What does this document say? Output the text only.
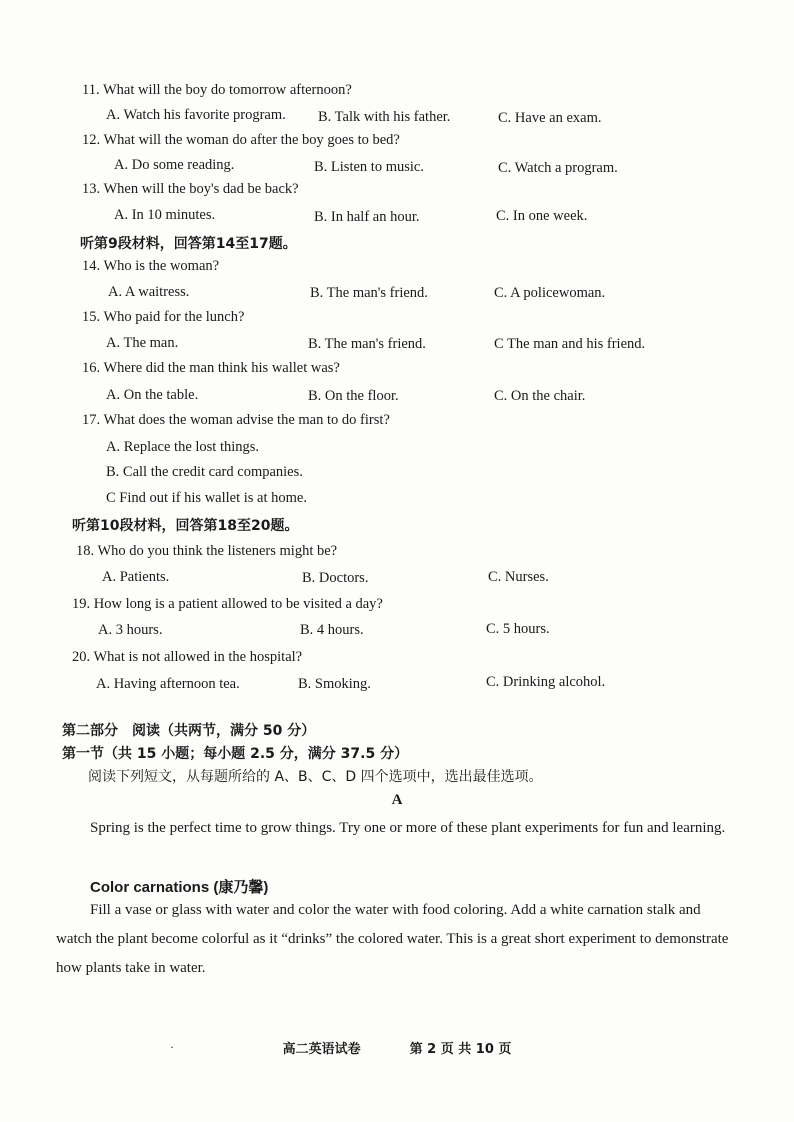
11. What will the boy do tomorrow afternoon?
A. Watch his favorite program. B. Talk with his father.	C. Have an exam.
12. What will the woman do after the boy goes to bed?
A. Do some reading.	B. Listen to music.	C. Watch a program.
13. When will the boy's dad be back?
A. In 10 minutes.	B. In half an hour.	C. In one week.
听第9段材料，回答第14至17题。
14. Who is the woman?
A. A waitress.	B. The man's friend.	C. A policewoman.
15. Who paid for the lunch?
A. The man.	B. The man's friend.	C The man and his friend.
16. Where did the man think his wallet was?
A. On the table.	B. On the floor.	C. On the chair.
17. What does the woman advise the man to do first?
A. Replace the lost things.
B. Call the credit card companies.
C Find out if his wallet is at home.
听第10段材料，回答第18至20题。
18. Who do you think the listeners might be?
A. Patients.	B. Doctors.	C. Nurses.
19. How long is a patient allowed to be visited a day?
A. 3 hours.	B. 4 hours.	C. 5 hours.
20. What is not allowed in the hospital?
A. Having afternoon tea.	B. Smoking.	C. Drinking alcohol.
第二部分　阅读（共两节，满分 50 分）
第一节（共 15 小题；每小题 2.5 分，满分 37.5 分）
阅读下列短文，从每题所给的 A、B、C、D 四个选项中，选出最佳选项。
A
Spring is the perfect time to grow things. Try one or more of these plant experiments for fun and learning.
Color carnations (康乃馨)
Fill a vase or glass with water and color the water with food coloring. Add a white carnation stalk and watch the plant become colorful as it “drinks” the colored water. This is a great short experiment to demonstrate how plants take in water.
·	高二英语试卷	第 2 页 共 10 页
